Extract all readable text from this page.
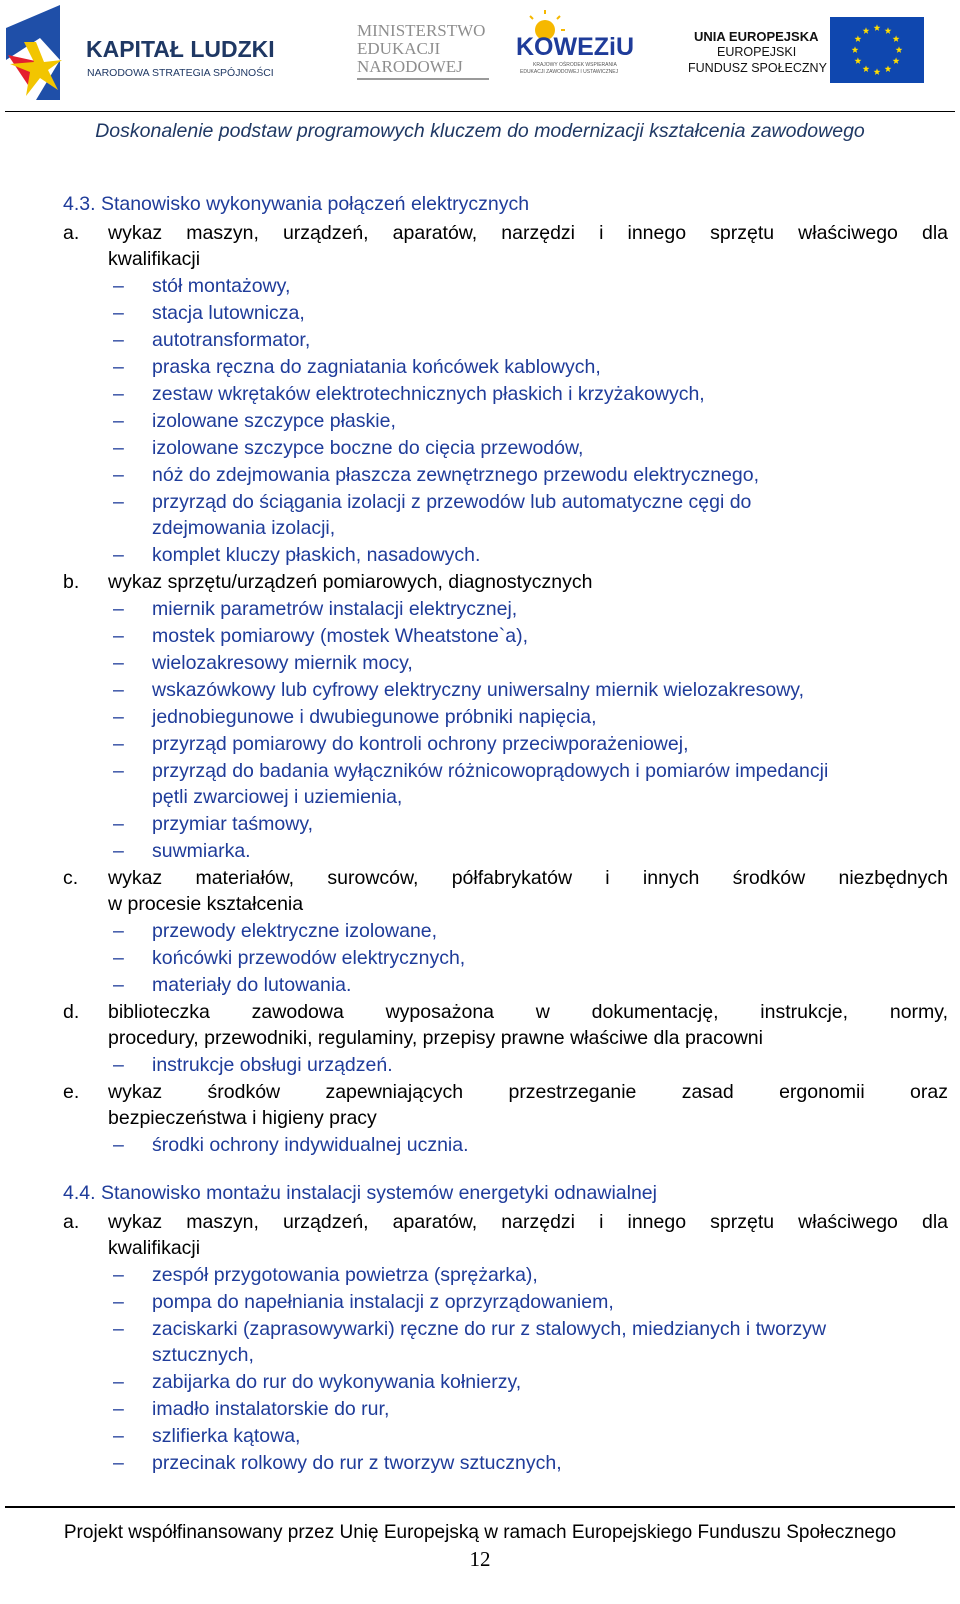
KAPITAŁ LUDZKI
NARODOWA STRATEGIA SPÓJNOŚCI
MINISTERSTWO
EDUKACJI
NARODOWEJ
KOWEZiU
KRAJOWY OŚRODEK WSPIERANIA
EDUKACJI ZAWODOWEJ I USTAWICZNEJ
UNIA EUROPEJSKA
EUROPEJSKI
FUNDUSZ SPOŁECZNY
Doskonalenie podstaw programowych kluczem do modernizacji kształcenia zawodowego
4.3. Stanowisko wykonywania połączeń elektrycznych
a. wykaz maszyn, urządzeń, aparatów, narzędzi i innego sprzętu właściwego dla
kwalifikacji
– stół montażowy,
– stacja lutownicza,
– autotransformator,
– praska ręczna do zagniatania końcówek kablowych,
– zestaw wkrętaków elektrotechnicznych płaskich i krzyżakowych,
– izolowane szczypce płaskie,
– izolowane szczypce boczne do cięcia przewodów,
– nóż do zdejmowania płaszcza zewnętrznego przewodu elektrycznego,
– przyrząd do ściągania izolacji z przewodów lub automatyczne cęgi do
zdejmowania izolacji,
– komplet kluczy płaskich, nasadowych.
b. wykaz sprzętu/urządzeń pomiarowych, diagnostycznych
– miernik parametrów instalacji elektrycznej,
– mostek pomiarowy (mostek Wheatstone`a),
– wielozakresowy miernik mocy,
– wskazówkowy lub cyfrowy elektryczny uniwersalny miernik wielozakresowy,
– jednobiegunowe i dwubiegunowe próbniki napięcia,
– przyrząd pomiarowy do kontroli ochrony przeciwporażeniowej,
– przyrząd do badania wyłączników różnicowoprądowych i pomiarów impedancji
pętli zwarciowej i uziemienia,
– przymiar taśmowy,
– suwmiarka.
c. wykaz materiałów, surowców, półfabrykatów i innych środków niezbędnych
w procesie kształcenia
– przewody elektryczne izolowane,
– końcówki przewodów elektrycznych,
– materiały do lutowania.
d. biblioteczka zawodowa wyposażona w dokumentację, instrukcje, normy,
procedury, przewodniki, regulaminy, przepisy prawne właściwe dla pracowni
– instrukcje obsługi urządzeń.
e. wykaz środków zapewniających przestrzeganie zasad ergonomii oraz
bezpieczeństwa i higieny pracy
– środki ochrony indywidualnej ucznia.
4.4. Stanowisko montażu instalacji systemów energetyki odnawialnej
a. wykaz maszyn, urządzeń, aparatów, narzędzi i innego sprzętu właściwego dla
kwalifikacji
– zespół przygotowania powietrza (sprężarka),
– pompa do napełniania instalacji z oprzyrządowaniem,
– zaciskarki (zaprasowywarki) ręczne do rur z stalowych, miedzianych i tworzyw
sztucznych,
– zabijarka do rur do wykonywania kołnierzy,
– imadło instalatorskie do rur,
– szlifierka kątowa,
– przecinak rolkowy do rur z tworzyw sztucznych,
Projekt współfinansowany przez Unię Europejską w ramach Europejskiego Funduszu Społecznego
12
